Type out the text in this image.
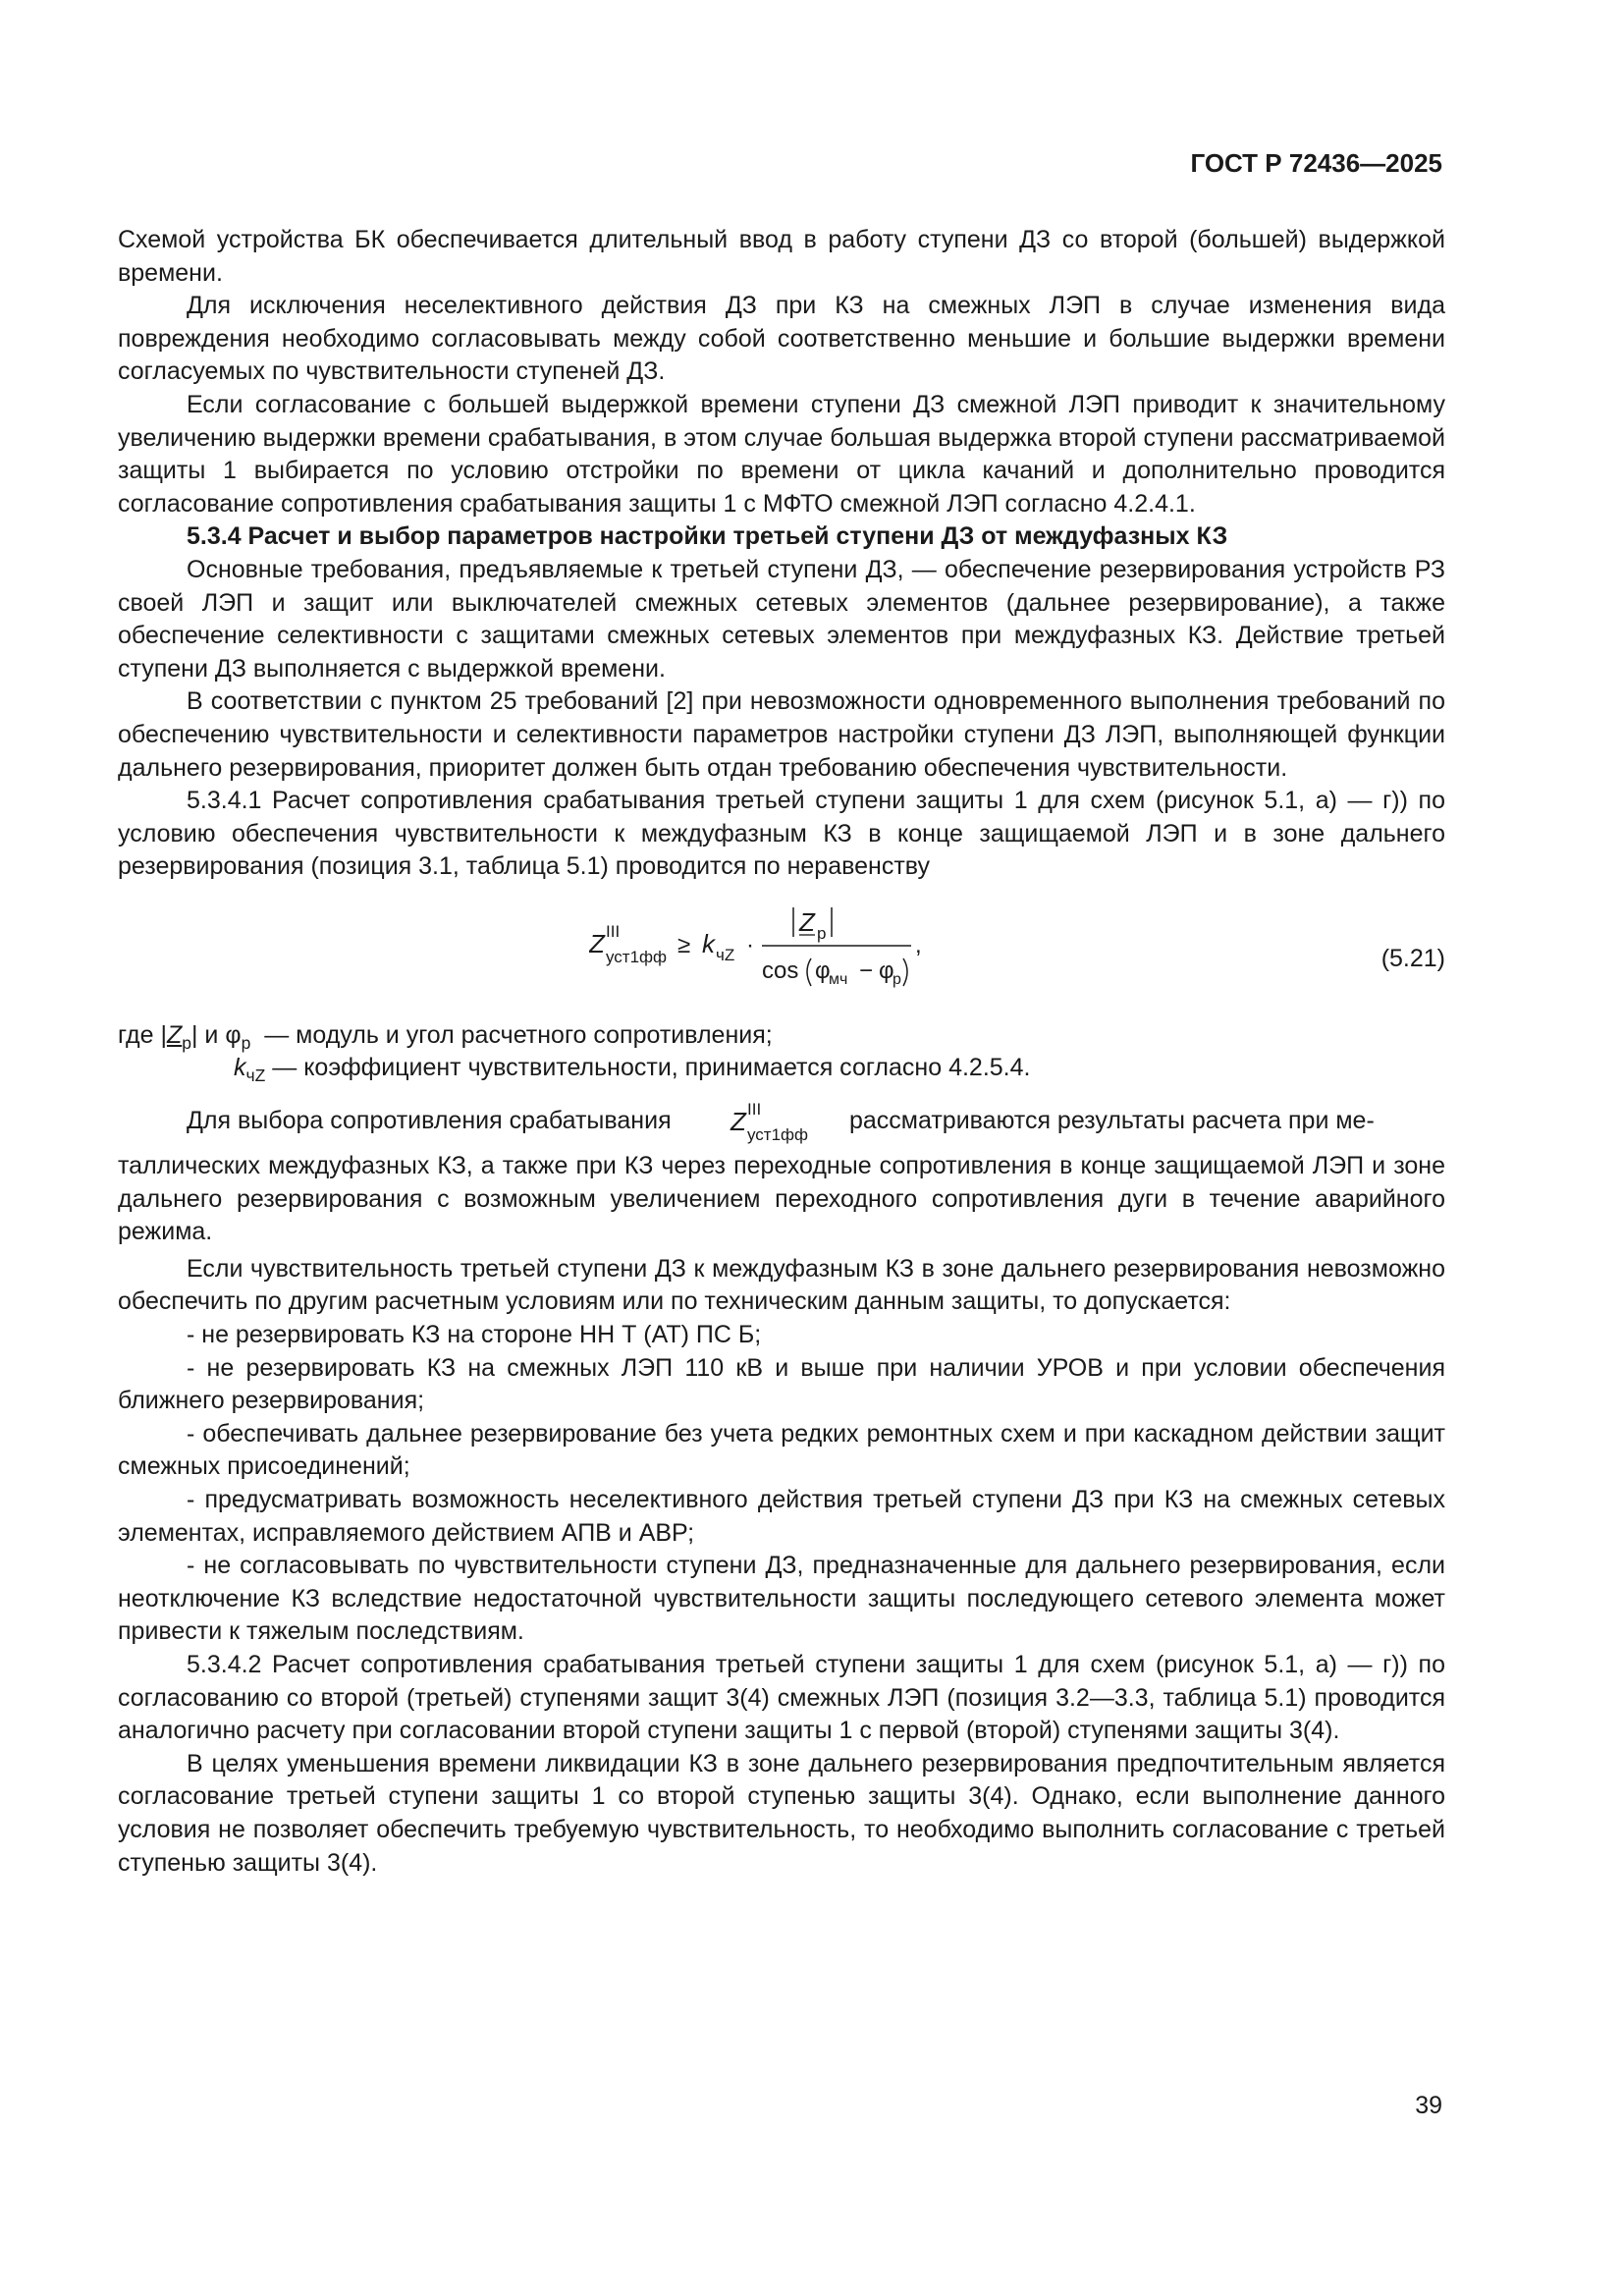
ГОСТ Р 72436—2025

Схемой устройства БК обеспечивается длительный ввод в работу ступени ДЗ со второй (большей) выдержкой времени.

Для исключения неселективного действия ДЗ при КЗ на смежных ЛЭП в случае изменения вида повреждения необходимо согласовывать между собой соответственно меньшие и большие выдержки времени согласуемых по чувствительности ступеней ДЗ.

Если согласование с большей выдержкой времени ступени ДЗ смежной ЛЭП приводит к значительному увеличению выдержки времени срабатывания, в этом случае большая выдержка второй ступени рассматриваемой защиты 1 выбирается по условию отстройки по времени от цикла качаний и дополнительно проводится согласование сопротивления срабатывания защиты 1 с МФТО смежной ЛЭП согласно 4.2.4.1.

5.3.4 Расчет и выбор параметров настройки третьей ступени ДЗ от междуфазных КЗ

Основные требования, предъявляемые к третьей ступени ДЗ, — обеспечение резервирования устройств РЗ своей ЛЭП и защит или выключателей смежных сетевых элементов (дальнее резервирование), а также обеспечение селективности с защитами смежных сетевых элементов при междуфазных КЗ. Действие третьей ступени ДЗ выполняется с выдержкой времени.

В соответствии с пунктом 25 требований [2] при невозможности одновременного выполнения требований по обеспечению чувствительности и селективности параметров настройки ступени ДЗ ЛЭП, выполняющей функции дальнего резервирования, приоритет должен быть отдан требованию обеспечения чувствительности.

5.3.4.1 Расчет сопротивления срабатывания третьей ступени защиты 1 для схем (рисунок 5.1, а) — г)) по условию обеспечения чувствительности к междуфазным КЗ в конце защищаемой ЛЭП и в зоне дальнего резервирования (позиция 3.1, таблица 5.1) проводится по неравенству

Z III
уст1фф ≥ k чZ ·
Z р
cos φ
мч − φ
р
,	(5.21)

где $|Z_р|$ и $\varphi_р$ — модуль и угол расчетного сопротивления;

$k_{чZ}$ — коэффициент чувствительности, принимается согласно 4.2.5.4.

Для выбора сопротивления срабатывания Z III
уст1фф
рассматриваются результаты расчета при ме-

таллических междуфазных КЗ, а также при КЗ через переходные сопротивления в конце защищаемой ЛЭП и зоне дальнего резервирования с возможным увеличением переходного сопротивления дуги в течение аварийного режима.

Если чувствительность третьей ступени ДЗ к междуфазным КЗ в зоне дальнего резервирования невозможно обеспечить по другим расчетным условиям или по техническим данным защиты, то допускается:

- не резервировать КЗ на стороне НН Т (АТ) ПС Б;

- не резервировать КЗ на смежных ЛЭП 110 кВ и выше при наличии УРОВ и при условии обеспечения ближнего резервирования;

- обеспечивать дальнее резервирование без учета редких ремонтных схем и при каскадном действии защит смежных присоединений;

- предусматривать возможность неселективного действия третьей ступени ДЗ при КЗ на смежных сетевых элементах, исправляемого действием АПВ и АВР;

- не согласовывать по чувствительности ступени ДЗ, предназначенные для дальнего резервирования, если неотключение КЗ вследствие недостаточной чувствительности защиты последующего сетевого элемента может привести к тяжелым последствиям.

5.3.4.2 Расчет сопротивления срабатывания третьей ступени защиты 1 для схем (рисунок 5.1, а) — г)) по согласованию со второй (третьей) ступенями защит 3(4) смежных ЛЭП (позиция 3.2—3.3, таблица 5.1) проводится аналогично расчету при согласовании второй ступени защиты 1 с первой (второй) ступенями защиты 3(4).

В целях уменьшения времени ликвидации КЗ в зоне дальнего резервирования предпочтительным является согласование третьей ступени защиты 1 со второй ступенью защиты 3(4). Однако, если выполнение данного условия не позволяет обеспечить требуемую чувствительность, то необходимо выполнить согласование с третьей ступенью защиты 3(4).

39
